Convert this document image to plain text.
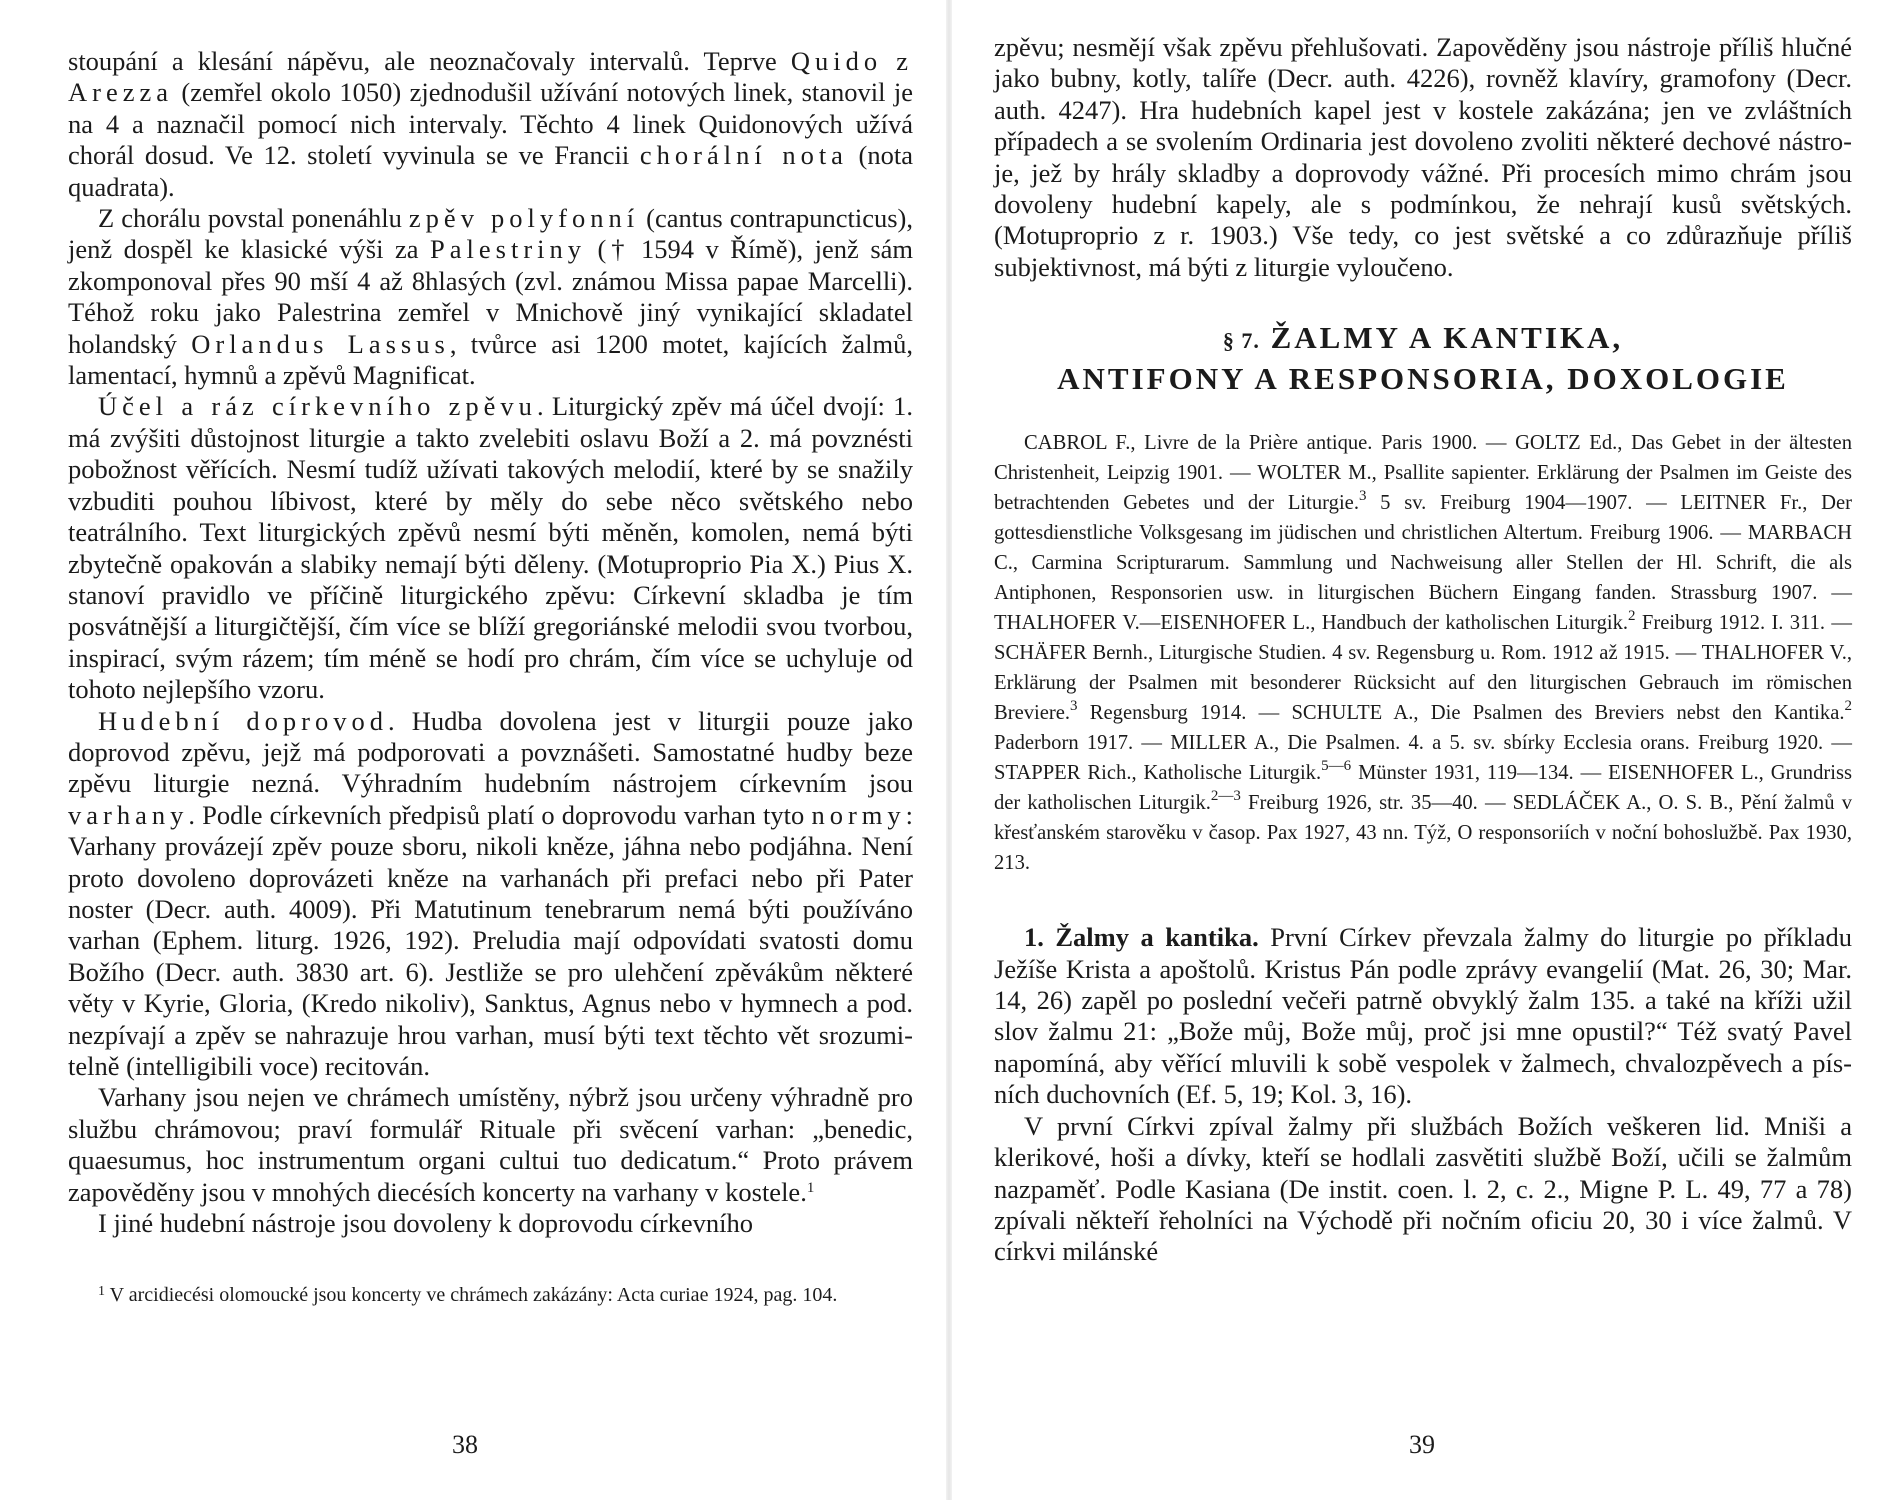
stoupání a klesání nápěvu, ale neoznačovaly intervalů. Teprve Quido z Arezza (zemřel okolo 1050) zjednodušil užívání notových linek, stanovil je na 4 a naznačil pomocí nich intervaly. Těchto 4 linek Quidonových užívá chorál dosud. Ve 12. století vyvinula se ve Francii chorální nota (nota quadrata).

Z chorálu povstal ponenáhlu zpěv polyfonní (cantus contrapuncticus), jenž dospěl ke klasické výši za Palestriny († 1594 v Římě), jenž sám zkomponoval přes 90 mší 4 až 8hlasých (zvl. známou Missa papae Marcelli). Téhož roku jako Palestrina zemřel v Mnichově jiný vynikající skladatel holandský Orlandus Lassus, tvůrce asi 1200 motet, kajících žalmů, lamentací, hymnů a zpěvů Magnificat.

Účel a ráz církevního zpěvu. Liturgický zpěv má účel dvojí: 1. má zvýšiti důstojnost liturgie a takto zvelebiti oslavu Boží a 2. má povznésti pobožnost věřících. Nesmí tudíž užívati takových melodií, které by se snažily vzbuditi pouhou líbivost, které by měly do sebe něco světského nebo teatrálního. Text liturgických zpěvů nesmí býti měněn, komolen, nemá býti zbytečně opakován a slabiky nemají býti děleny. (Motuproprio Pia X.) Pius X. stanoví pravidlo ve příčině liturgického zpěvu: Církevní skladba je tím posvátnější a liturgičtější, čím více se blíží gregoriánské melodii svou tvorbou, inspirací, svým rázem; tím méně se hodí pro chrám, čím více se uchyluje od tohoto nejlepšího vzoru.

Hudební doprovod. Hudba dovolena jest v liturgii pouze jako doprovod zpěvu, jejž má podporovati a povznášeti. Samostatné hudby beze zpěvu liturgie nezná. Výhradním hudebním nástrojem církevním jsou varhany. Podle církevních předpisů platí o doprovodu varhan tyto normy: Varhany provázejí zpěv pouze sboru, nikoli kněze, jáhna nebo podjáhna. Není proto dovoleno doprovázeti kněze na varhanách při prefaci nebo při Pater noster (Decr. auth. 4009). Při Matutinum tenebrarum nemá býti používáno varhan (Ephem. liturg. 1926, 192). Preludia mají odpovídati svatosti domu Božího (Decr. auth. 3830 art. 6). Jestliže se pro ulehčení zpěvákům některé věty v Kyrie, Gloria, (Kredo nikoliv), Sanktus, Agnus nebo v hymnech a pod. nezpívají a zpěv se nahrazuje hrou varhan, musí býti text těchto vět srozumitelně (intelligibili voce) recitován.

Varhany jsou nejen ve chrámech umístěny, nýbrž jsou určeny výhradně pro službu chrámovou; praví formulář Rituale při svěcení varhan: „benedic, quaesumus, hoc instrumentum organi cultui tuo dedicatum.“ Proto právem zapověděny jsou v mnohých diecésích koncerty na varhany v kostele.$^1$

I jiné hudební nástroje jsou dovoleny k doprovodu církevního

$^1$ V arcidiecési olomoucké jsou koncerty ve chrámech zakázány: Acta curiae 1924, pag. 104.
38

zpěvu; nesmějí však zpěvu přehlušovati. Zapověděny jsou nástroje příliš hlučné jako bubny, kotly, talíře (Decr. auth. 4226), rovněž klavíry, gramofony (Decr. auth. 4247). Hra hudebních kapel jest v kostele zakázána; jen ve zvláštních případech a se svolením Ordinaria jest dovoleno zvoliti některé dechové nástroje, jež by hrály skladby a doprovody vážné. Při procesích mimo chrám jsou dovoleny hudební kapely, ale s podmínkou, že nehrají kusů světských. (Motuproprio z r. 1903.) Vše tedy, co jest světské a co zdůrazňuje příliš subjektivnost, má býti z liturgie vyloučeno.

§ 7. ŽALMY A KANTIKA,
ANTIFONY A RESPONSORIA, DOXOLOGIE

CABROL F., Livre de la Prière antique. Paris 1900. — GOLTZ Ed., Das Gebet in der ältesten Christenheit, Leipzig 1901. — WOLTER M., Psallite sapienter. Erklärung der Psalmen im Geiste des betrachtenden Gebetes und der Liturgie.$^3$ 5 sv. Freiburg 1904—1907. — LEITNER Fr., Der gottesdienstliche Volksgesang im jüdischen und christlichen Altertum. Freiburg 1906. — MARBACH C., Carmina Scripturarum. Sammlung und Nachweisung aller Stellen der Hl. Schrift, die als Antiphonen, Responsorien usw. in liturgischen Büchern Eingang fanden. Strassburg 1907. — THALHOFER V.—EISENHOFER L., Handbuch der katholischen Liturgik.$^2$ Freiburg 1912. I. 311. — SCHÄFER Bernh., Liturgische Studien. 4 sv. Regensburg u. Rom. 1912 až 1915. — THALHOFER V., Erklärung der Psalmen mit besonderer Rücksicht auf den liturgischen Gebrauch im römischen Breviere.$^3$ Regensburg 1914. — SCHULTE A., Die Psalmen des Breviers nebst den Kantika.$^2$ Paderborn 1917. — MILLER A., Die Psalmen. 4. a 5. sv. sbírky Ecclesia orans. Freiburg 1920. — STAPPER Rich., Katholische Liturgik.$^{5—6}$ Münster 1931, 119—134. — EISENHOFER L., Grundriss der katholischen Liturgik.$^{2—3}$ Freiburg 1926, str. 35—40. — SEDLÁČEK A., O. S. B., Pění žalmů v křesťanském starověku v časop. Pax 1927, 43 nn. Týž, O responsoriích v noční bohoslužbě. Pax 1930, 213.

1. Žalmy a kantika. První Církev převzala žalmy do liturgie po příkladu Ježíše Krista a apoštolů. Kristus Pán podle zprávy evangelií (Mat. 26, 30; Mar. 14, 26) zapěl po poslední večeři patrně obvyklý žalm 135. a také na kříži užil slov žalmu 21: „Bože můj, Bože můj, proč jsi mne opustil?“ Též svatý Pavel napomíná, aby věřící mluvili k sobě vespolek v žalmech, chvalozpěvech a písních duchovních (Ef. 5, 19; Kol. 3, 16).

V první Církvi zpíval žalmy při službách Božích veškeren lid. Mniši a klerikové, hoši a dívky, kteří se hodlali zasvětiti službě Boží, učili se žalmům nazpaměť. Podle Kasiana (De instit. coen. l. 2, c. 2., Migne P. L. 49, 77 a 78) zpívali někteří řeholníci na Východě při nočním oficiu 20, 30 i více žalmů. V církvi milánské

39
